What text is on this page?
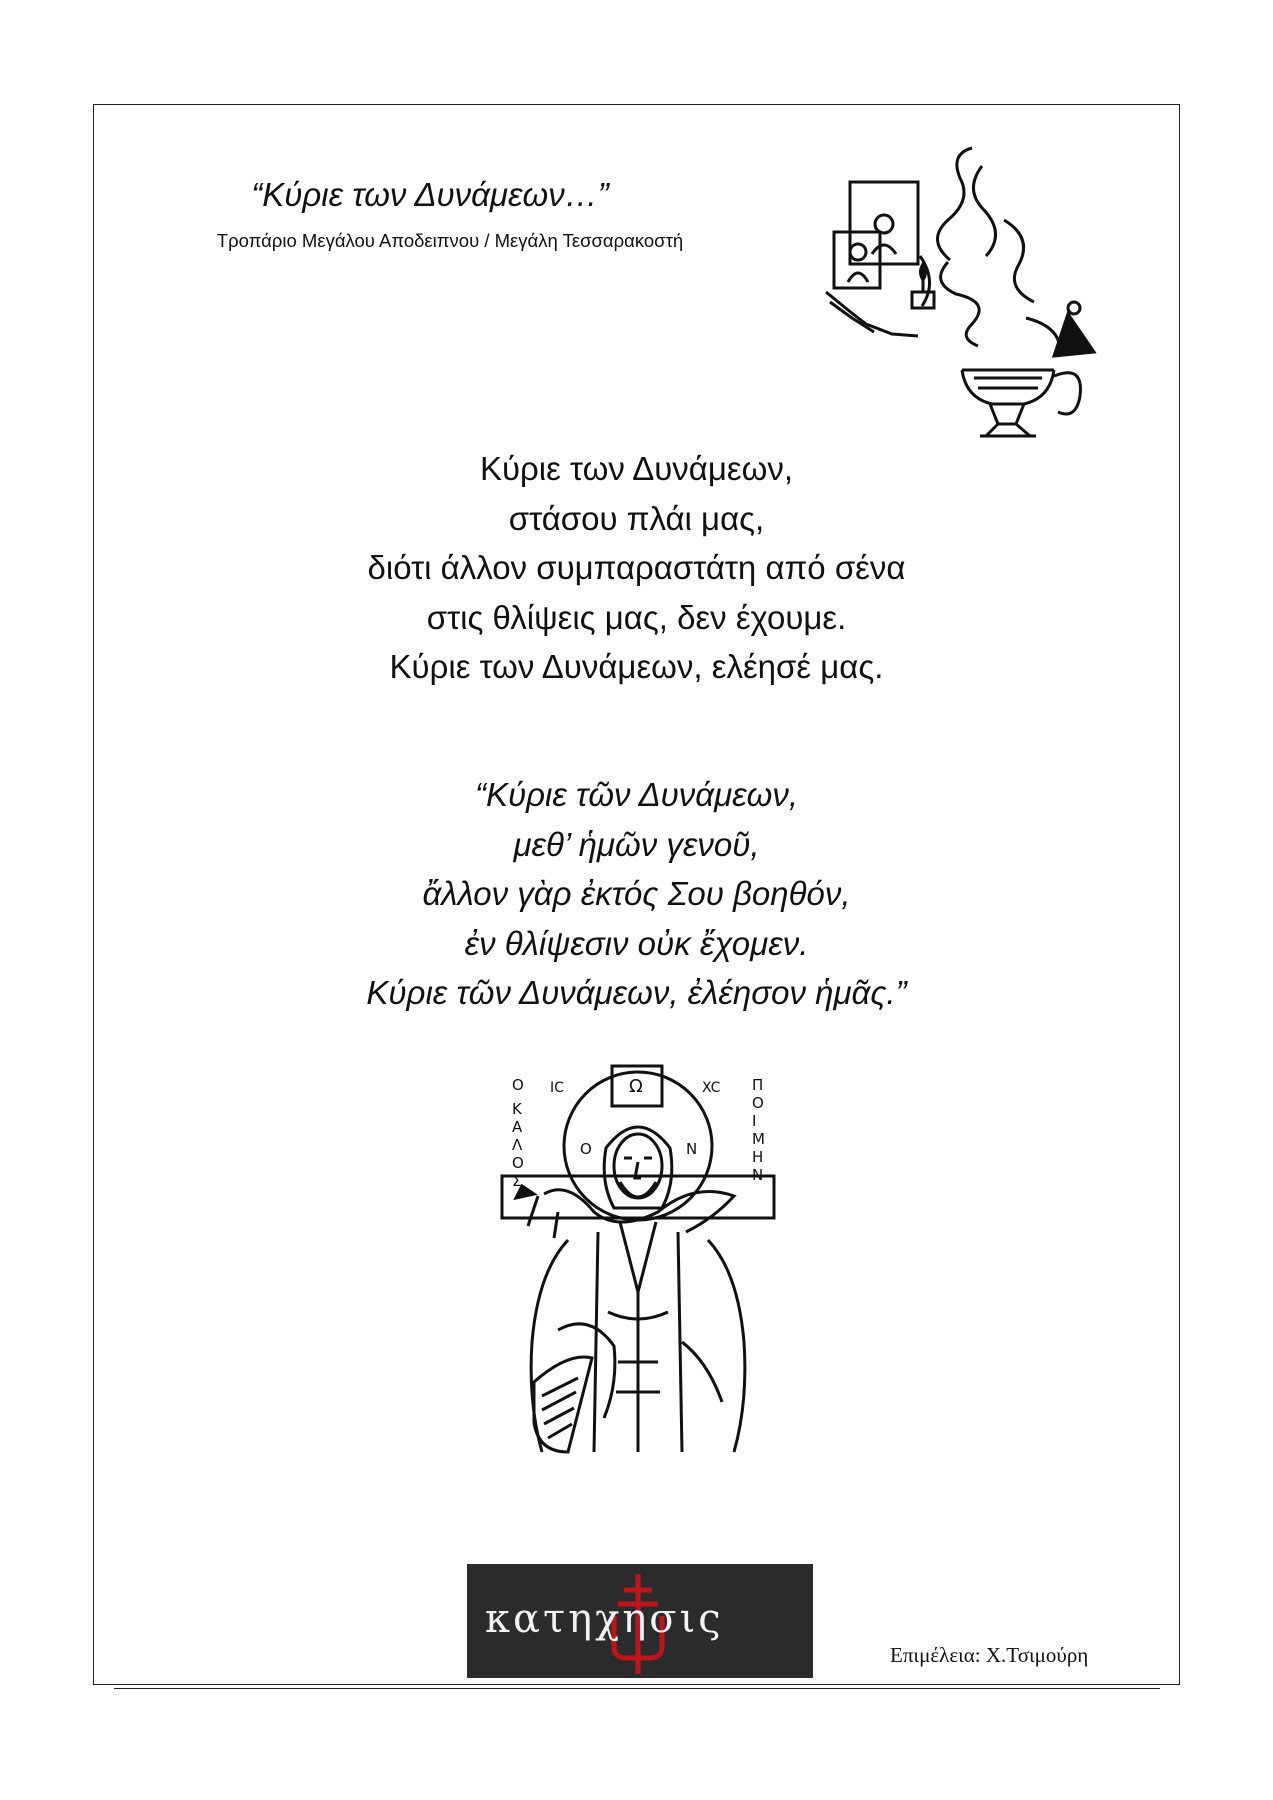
“Κύριε των Δυνάμεων…”
Τροπάριο Μεγάλου Αποδειπνου / Μεγάλη Τεσσαρακοστή
Κύριε των Δυνάμεων,
στάσου πλάι μας,
διότι άλλον συμπαραστάτη από σένα
στις θλίψεις μας, δεν έχουμε.
Κύριε των Δυνάμεων, ελέησέ μας.
“Κύριε τῶν Δυνάμεων,
μεθ’ ἡμῶν γενοῦ,
ἄλλον γὰρ ἐκτός Σου βοηθόν,
ἐν θλίψεσιν οὐκ ἔχομεν.
Κύριε τῶν Δυνάμεων, ἐλέησον ἡμᾶς.”
Ο
Κ
Α
Λ
Ο
Σ
Π
Ο
Ι
Μ
Η
Ν
IC	XC
Ω
Ο	Ν
κατηχησις
Επιμέλεια: Χ.Τσιμούρη
